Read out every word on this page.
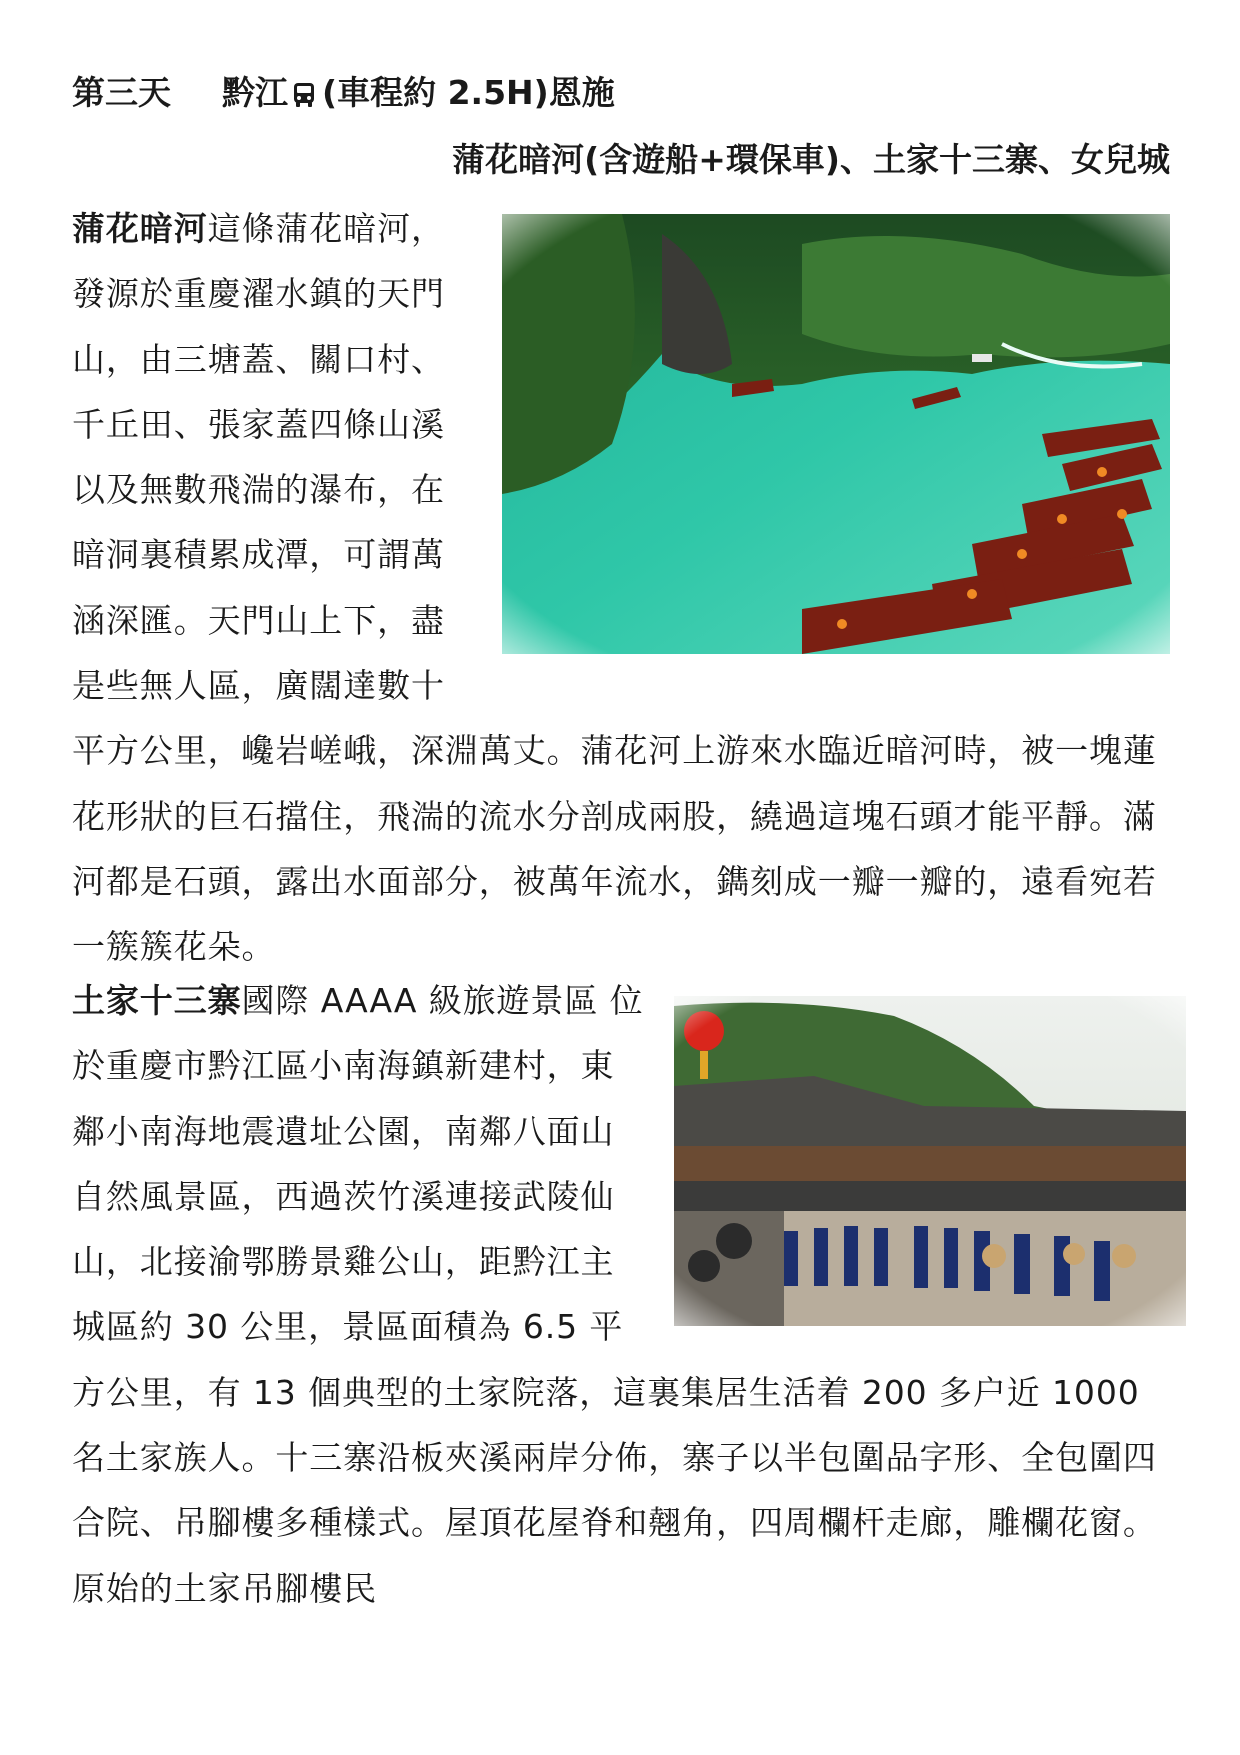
第三天 黔江 (車程約 2.5H)恩施
蒲花暗河(含遊船+環保車)、土家十三寨、女兒城
蒲花暗河這條蒲花暗河，發源於重慶濯水鎮的天門山，由三塘蓋、關口村、千丘田、張家蓋四條山溪以及無數飛湍的瀑布，在暗洞裏積累成潭，可謂萬涵深匯。天門山上下，盡是些無人區，廣闊達數十平方公里，巉岩嵯峨，深淵萬丈。蒲花河上游來水臨近暗河時，被一塊蓮花形狀的巨石擋住，飛湍的流水分剖成兩股，繞過這塊石頭才能平靜。滿河都是石頭，露出水面部分，被萬年流水，鐫刻成一瓣一瓣的，遠看宛若一簇簇花朵。
土家十三寨國際 AAAA 級旅遊景區 位於重慶市黔江區小南海鎮新建村，東鄰小南海地震遺址公園，南鄰八面山自然風景區，西過茨竹溪連接武陵仙山，北接渝鄂勝景雞公山，距黔江主城區約 30 公里，景區面積為 6.5 平方公里，有 13 個典型的土家院落，這裏集居生活着 200 多户近 1000 名土家族人。十三寨沿板夾溪兩岸分佈，寨子以半包圍品字形、全包圍四合院、吊腳樓多種樣式。屋頂花屋脊和翹角，四周欄杆走廊，雕欄花窗。原始的土家吊腳樓民
